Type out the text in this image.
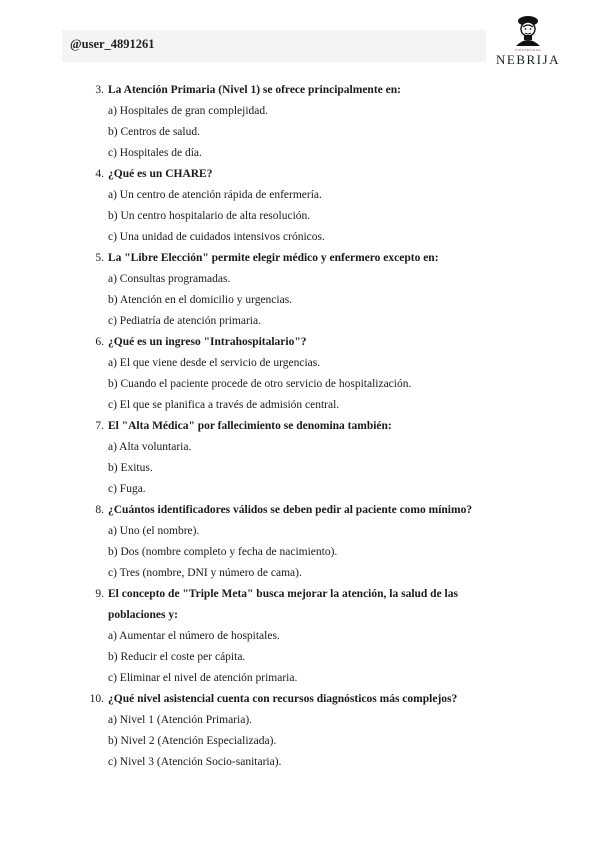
@user_4891261	UNIVERSIDAD
NEBRIJA
3. La Atención Primaria (Nivel 1) se ofrece principalmente en:
a) Hospitales de gran complejidad.
b) Centros de salud.
c) Hospitales de día.
4. ¿Qué es un CHARE?
a) Un centro de atención rápida de enfermería.
b) Un centro hospitalario de alta resolución.
c) Una unidad de cuidados intensivos crónicos.
5. La "Libre Elección" permite elegir médico y enfermero excepto en:
a) Consultas programadas.
b) Atención en el domicilio y urgencias.
c) Pediatría de atención primaria.
6. ¿Qué es un ingreso "Intrahospitalario"?
a) El que viene desde el servicio de urgencias.
b) Cuando el paciente procede de otro servicio de hospitalización.
c) El que se planifica a través de admisión central.
7. El "Alta Médica" por fallecimiento se denomina también:
a) Alta voluntaria.
b) Exitus.
c) Fuga.
8. ¿Cuántos identificadores válidos se deben pedir al paciente como mínimo?
a) Uno (el nombre).
b) Dos (nombre completo y fecha de nacimiento).
c) Tres (nombre, DNI y número de cama).
9. El concepto de "Triple Meta" busca mejorar la atención, la salud de las poblaciones y:
a) Aumentar el número de hospitales.
b) Reducir el coste per cápita.
c) Eliminar el nivel de atención primaria.
10. ¿Qué nivel asistencial cuenta con recursos diagnósticos más complejos?
a) Nivel 1 (Atención Primaria).
b) Nivel 2 (Atención Especializada).
c) Nivel 3 (Atención Socio-sanitaria).
